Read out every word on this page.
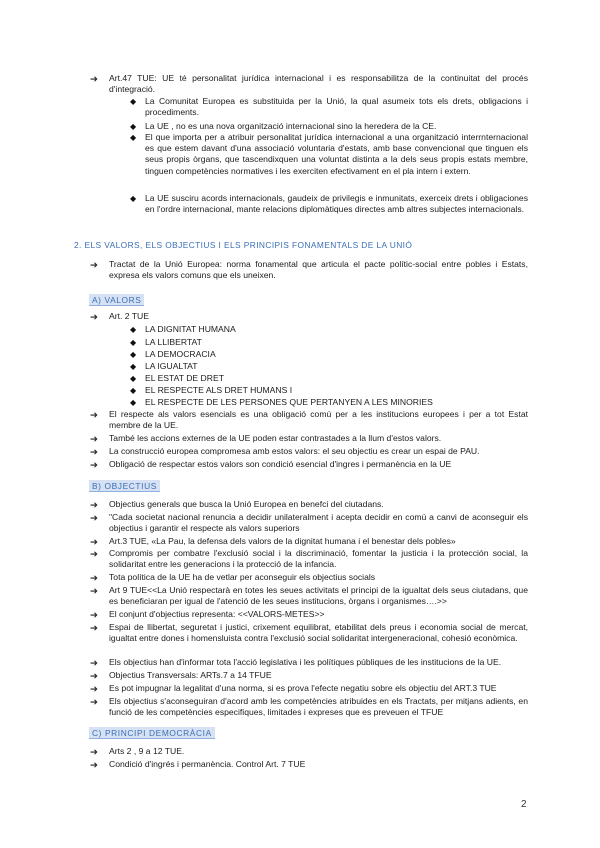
➔ Art.47 TUE: UE té personalitat jurídica internacional i es responsabilitza de la continuitat del procés d'integració.
◆ La Comunitat Europea es substituida per la Unió, la qual asumeix tots els drets, obligacions i procediments.
◆ La UE , no es una nova organització internacional sino la heredera de la CE.
◆ El que importa per a atribuir personalitat jurídica internacional a una organització interrnternacional es que estem davant d'una associació voluntaria d'estats, amb base convencional que tinguen els seus propis òrgans, que tascendixquen una voluntat distinta a la dels seus propis estats membre, tinguen competències normatives i les exerciten efectivament en el pla intern i extern.
◆ La UE susciru acords internacionals, gaudeix de privilegis e inmunitats, exerceix drets i obligaciones en l'ordre internacional, mante relacions diplomàtiques directes amb altres subjectes internacionals.
2. ELS VALORS, ELS OBJECTIUS I ELS PRINCIPIS FONAMENTALS DE LA UNIÓ
➔ Tractat de la Unió Europea: norma fonamental que articula el pacte polític-social entre pobles i Estats, expresa els valors comuns que els uneixen.
A) VALORS
➔ Art. 2 TUE
◆ LA DIGNITAT HUMANA
◆ LA LLIBERTAT
◆ LA DEMOCRACIA
◆ LA IGUALTAT
◆ EL ESTAT DE DRET
◆ EL RESPECTE ALS DRET HUMANS I
◆ EL RESPECTE DE LES PERSONES QUE PERTANYEN A LES MINORIES
➔ El respecte als valors esencials es una obligació comú per a les institucions europees i per a tot Estat membre de la UE.
➔ També les accions externes de la UE poden estar contrastades a la llum d'estos valors.
➔ La construcció europea compromesa amb estos valors: el seu objectiu es crear un espai de PAU.
➔ Obligació de respectar estos valors son condició esencial d'ingres i permanència en la UE
B) OBJECTIUS
➔ Objectius generals que busca la Unió Europea en benefci del ciutadans.
➔ "Cada societat nacional renuncia a decidir unilateralment i acepta decidir en comú a canvi de aconseguir els objectius i garantir el respecte als valors superiors
➔ Art.3 TUE, «La Pau, la defensa dels valors de la dignitat humana i el benestar dels pobles»
➔ Compromis per combatre l'exclusió social i la discriminació, fomentar la justicia i la protección social, la solidaritat entre les generacions i la protecció de la infancia.
➔ Tota política de la UE ha de vetlar per aconseguir els objectius socials
➔ Art 9 TUE<<La Unió respectarà en totes les seues activitats el principi de la igualtat dels seus ciutadans, que es beneficiaran per igual de l'atenció de les seues institucions, òrgans i organismes….>>
➔ El conjunt d'objectius representa: <<VALORS-METES>>
➔ Espai de llibertat, seguretat i justici, crixement equilibrat, etabilitat dels preus i economia social de mercat, igualtat entre dones i homensluista contra l'exclusió social solidaritat intergeneracional, cohesió econòmica.
➔ Els objectius han d'informar tota l'acció legislativa i les polítiques públiques de les institucions de la UE.
➔ Objectius Transversals: ARTs.7 a 14 TFUE
➔ Es pot impugnar la legalitat d'una norma, si es prova l'efecte negatiu sobre els objectiu del ART.3 TUE
➔ Els objectius s'aconseguiran d'acord amb les competències atribuides en els Tractats, per mitjans adients, en funció de les competències especifiques, limitades i expreses que es preveuen el TFUE
C) PRINCIPI DEMOCRÀCIA
➔ Arts 2 , 9 a 12 TUE.
➔ Condició d'ingrés i permanència. Control Art. 7 TUE
2
